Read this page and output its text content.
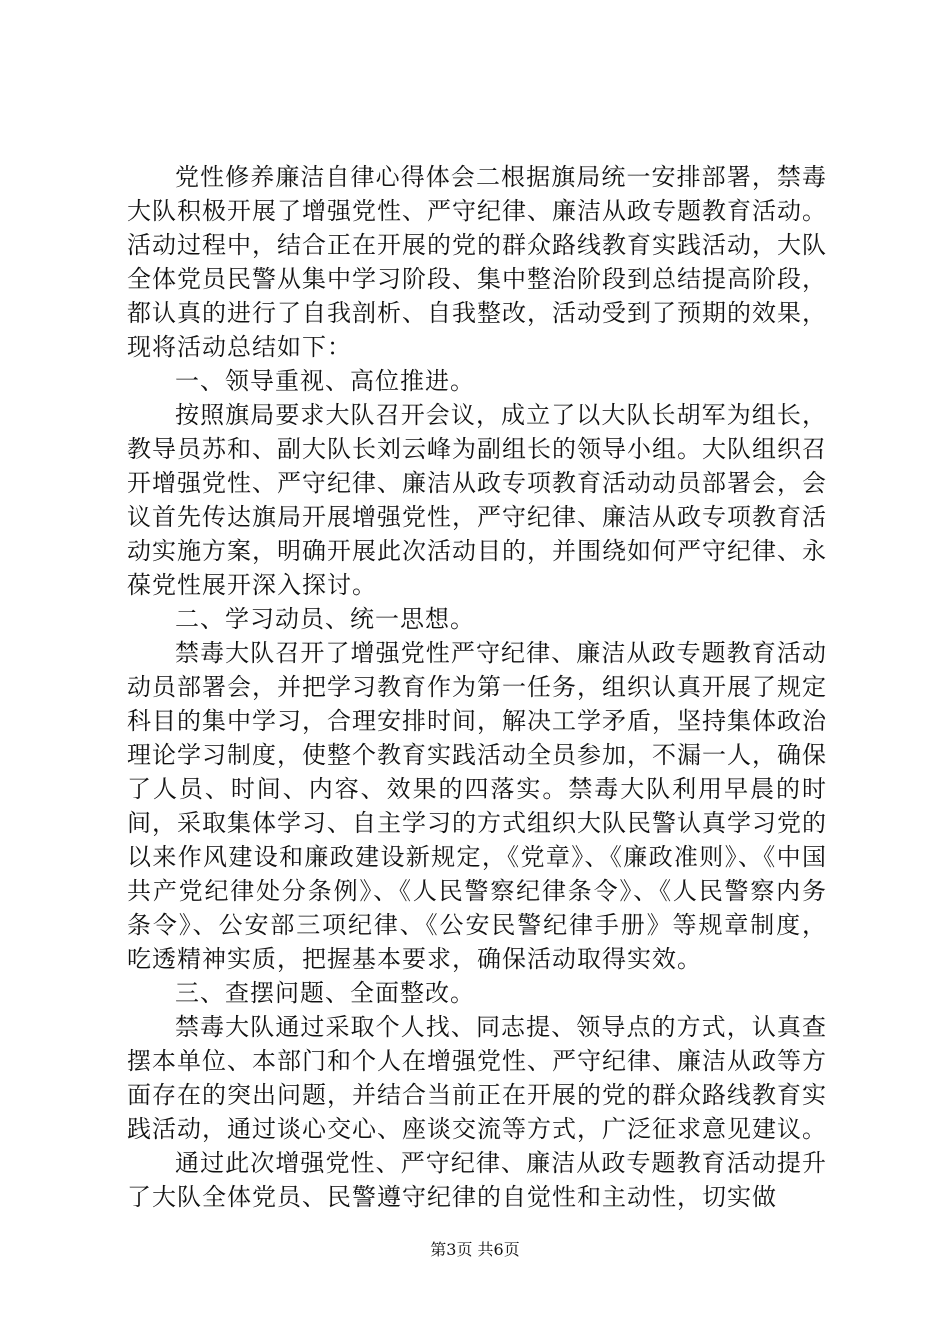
党性修养廉洁自律心得体会二根据旗局统一安排部署，禁毒大队积极开展了增强党性、严守纪律、廉洁从政专题教育活动。活动过程中，结合正在开展的党的群众路线教育实践活动，大队全体党员民警从集中学习阶段、集中整治阶段到总结提高阶段，都认真的进行了自我剖析、自我整改，活动受到了预期的效果，现将活动总结如下：

一、领导重视、高位推进。

按照旗局要求大队召开会议，成立了以大队长胡军为组长，教导员苏和、副大队长刘云峰为副组长的领导小组。大队组织召开增强党性、严守纪律、廉洁从政专项教育活动动员部署会，会议首先传达旗局开展增强党性，严守纪律、廉洁从政专项教育活动实施方案，明确开展此次活动目的，并围绕如何严守纪律、永葆党性展开深入探讨。

二、学习动员、统一思想。

禁毒大队召开了增强党性严守纪律、廉洁从政专题教育活动动员部署会，并把学习教育作为第一任务，组织认真开展了规定科目的集中学习，合理安排时间，解决工学矛盾，坚持集体政治理论学习制度，使整个教育实践活动全员参加，不漏一人，确保了人员、时间、内容、效果的四落实。禁毒大队利用早晨的时间，采取集体学习、自主学习的方式组织大队民警认真学习党的以来作风建设和廉政建设新规定，《党章》、《廉政准则》、《中国共产党纪律处分条例》、《人民警察纪律条令》、《人民警察内务条令》、公安部三项纪律、《公安民警纪律手册》等规章制度，吃透精神实质，把握基本要求，确保活动取得实效。

三、查摆问题、全面整改。

禁毒大队通过采取个人找、同志提、领导点的方式，认真查摆本单位、本部门和个人在增强党性、严守纪律、廉洁从政等方面存在的突出问题，并结合当前正在开展的党的群众路线教育实践活动，通过谈心交心、座谈交流等方式，广泛征求意见建议。

通过此次增强党性、严守纪律、廉洁从政专题教育活动提升了大队全体党员、民警遵守纪律的自觉性和主动性，切实做

第3页 共6页
